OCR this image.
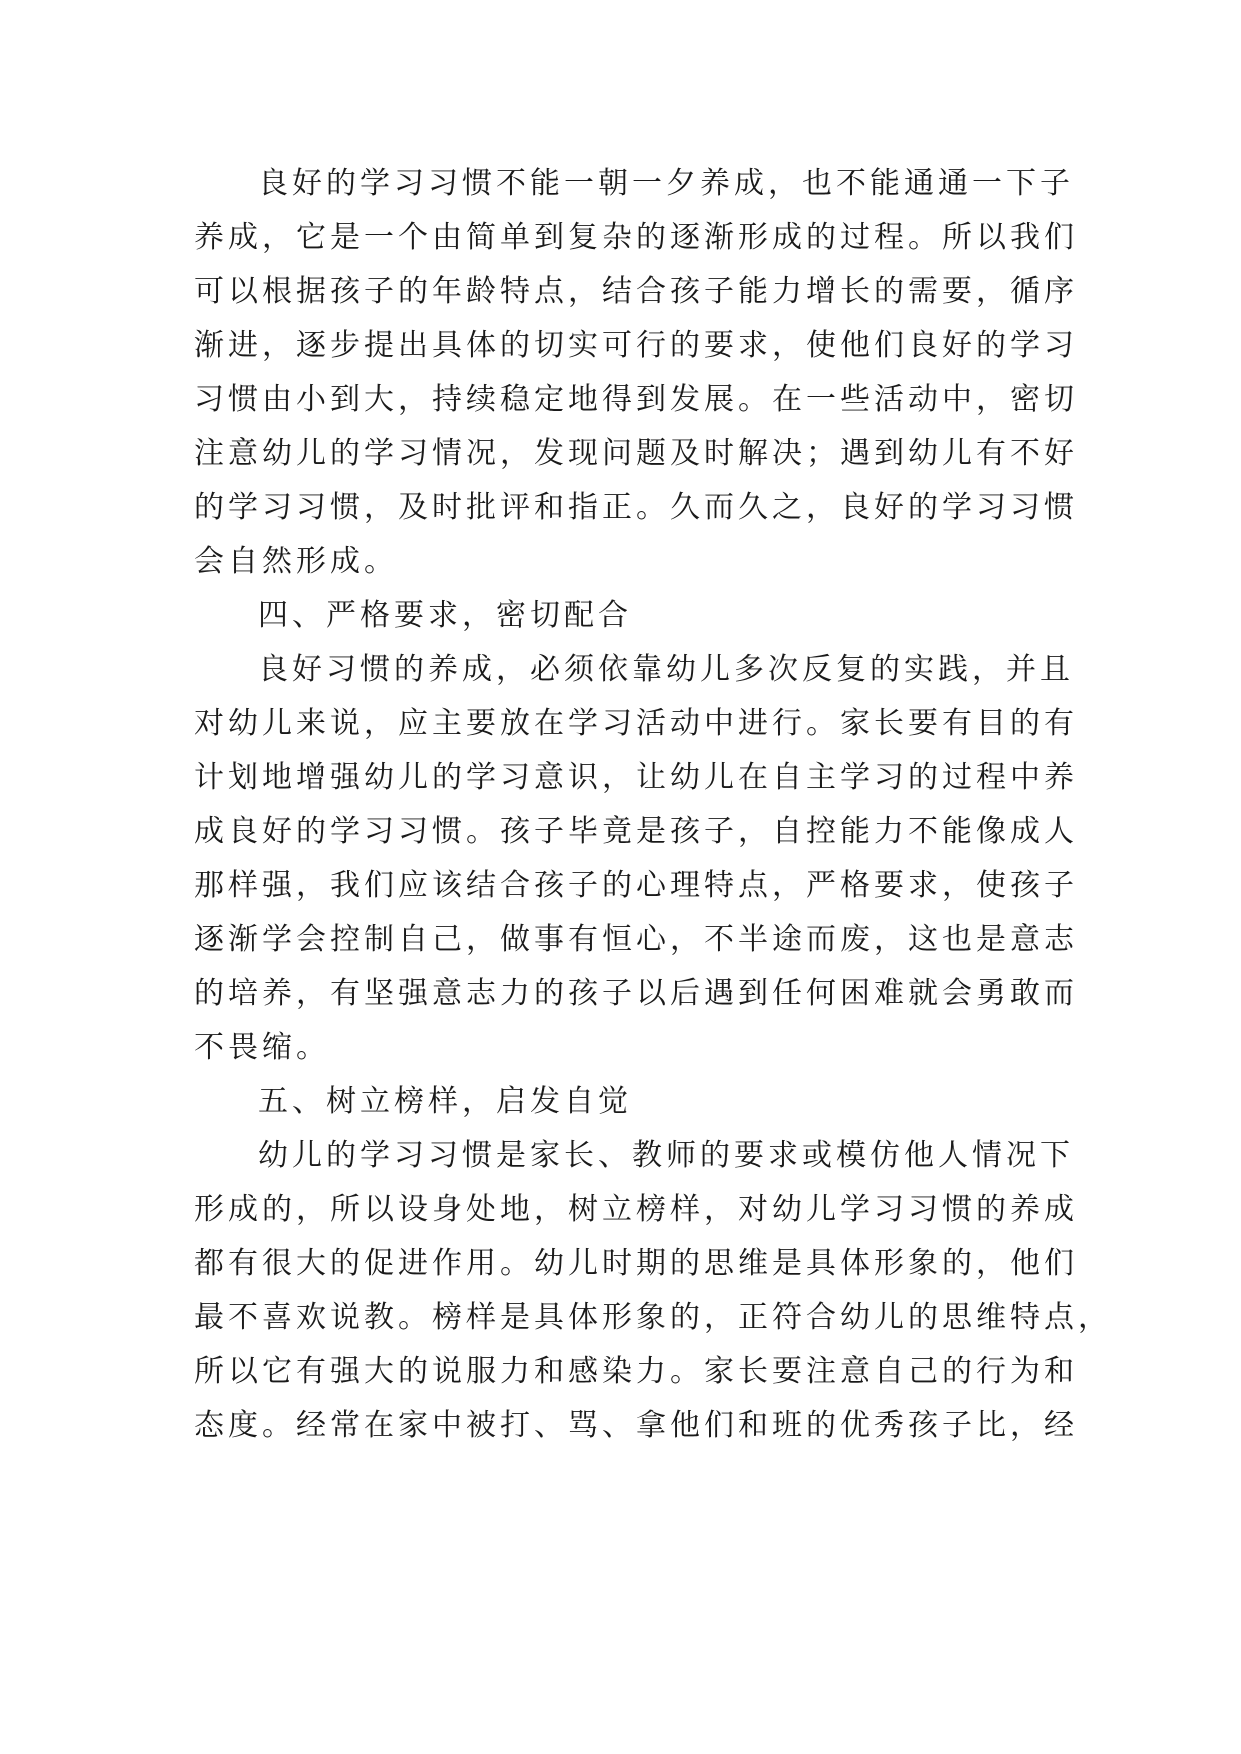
良好的学习习惯不能一朝一夕养成，也不能通通一下子
养成，它是一个由简单到复杂的逐渐形成的过程。所以我们
可以根据孩子的年龄特点，结合孩子能力增长的需要，循序
渐进，逐步提出具体的切实可行的要求，使他们良好的学习
习惯由小到大，持续稳定地得到发展。在一些活动中，密切
注意幼儿的学习情况，发现问题及时解决；遇到幼儿有不好
的学习习惯，及时批评和指正。久而久之，良好的学习习惯
会自然形成。
四、严格要求，密切配合
良好习惯的养成，必须依靠幼儿多次反复的实践，并且
对幼儿来说，应主要放在学习活动中进行。家长要有目的有
计划地增强幼儿的学习意识，让幼儿在自主学习的过程中养
成良好的学习习惯。孩子毕竟是孩子，自控能力不能像成人
那样强，我们应该结合孩子的心理特点，严格要求，使孩子
逐渐学会控制自己，做事有恒心，不半途而废，这也是意志
的培养，有坚强意志力的孩子以后遇到任何困难就会勇敢而
不畏缩。
五、树立榜样，启发自觉
幼儿的学习习惯是家长、教师的要求或模仿他人情况下
形成的，所以设身处地，树立榜样，对幼儿学习习惯的养成
都有很大的促进作用。幼儿时期的思维是具体形象的，他们
最不喜欢说教。榜样是具体形象的，正符合幼儿的思维特点，
所以它有强大的说服力和感染力。家长要注意自己的行为和
态度。经常在家中被打、骂、拿他们和班的优秀孩子比，经
